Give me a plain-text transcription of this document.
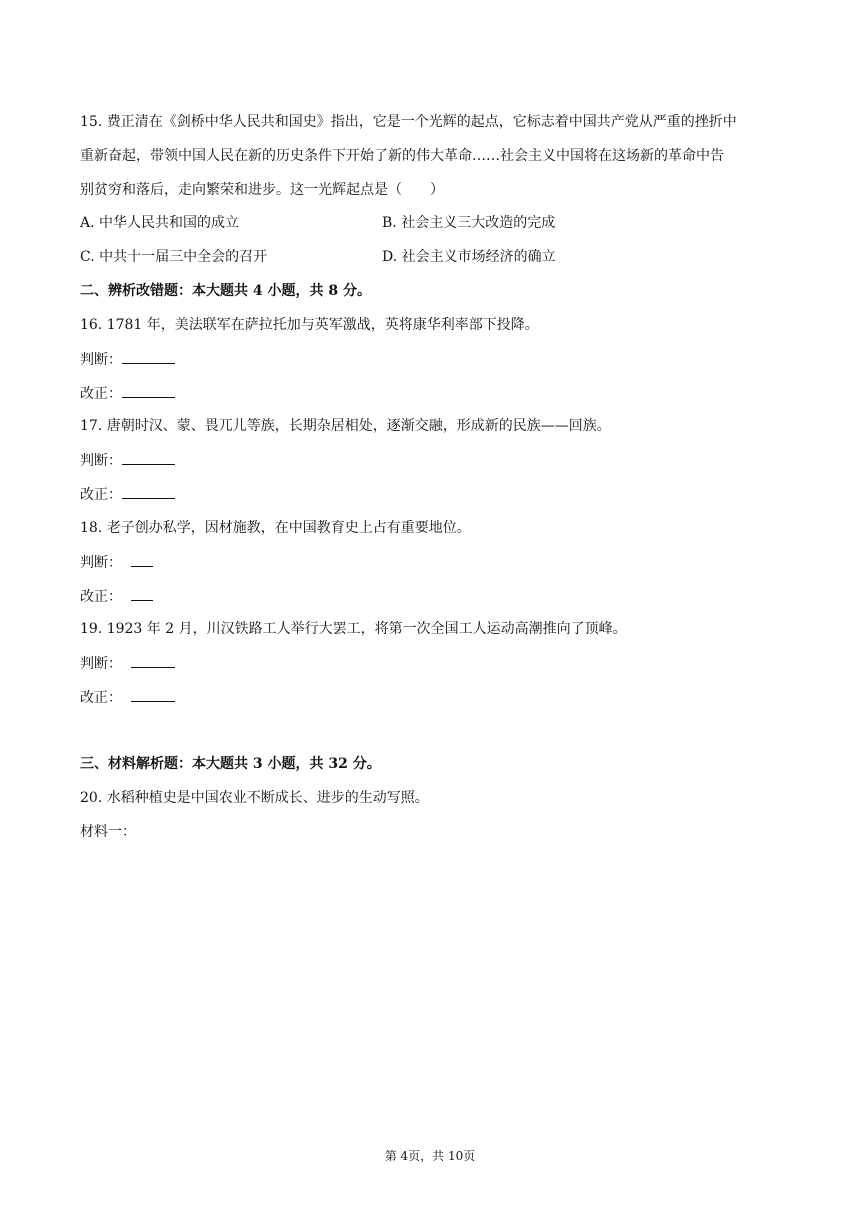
15. 费正清在《剑桥中华人民共和国史》指出，它是一个光辉的起点，它标志着中国共产党从严重的挫折中
重新奋起，带领中国人民在新的历史条件下开始了新的伟大革命……社会主义中国将在这场新的革命中告
别贫穷和落后，走向繁荣和进步。这一光辉起点是（　　）
A. 中华人民共和国的成立	B. 社会主义三大改造的完成
C. 中共十一届三中全会的召开	D. 社会主义市场经济的确立
二、辨析改错题：本大题共 4 小题，共 8 分。
16. 1781 年，美法联军在萨拉托加与英军激战，英将康华利率部下投降。
判断：
改正：
17. 唐朝时汉、蒙、畏兀儿等族，长期杂居相处，逐渐交融，形成新的民族——回族。
判断：
改正：
18. 老子创办私学，因材施教，在中国教育史上占有重要地位。
判断：
改正：
19. 1923 年 2 月，川汉铁路工人举行大罢工，将第一次全国工人运动高潮推向了顶峰。
判断：
改正：
三、材料解析题：本大题共 3 小题，共 32 分。
20. 水稻种植史是中国农业不断成长、进步的生动写照。
材料一：
第 4页，共 10页
